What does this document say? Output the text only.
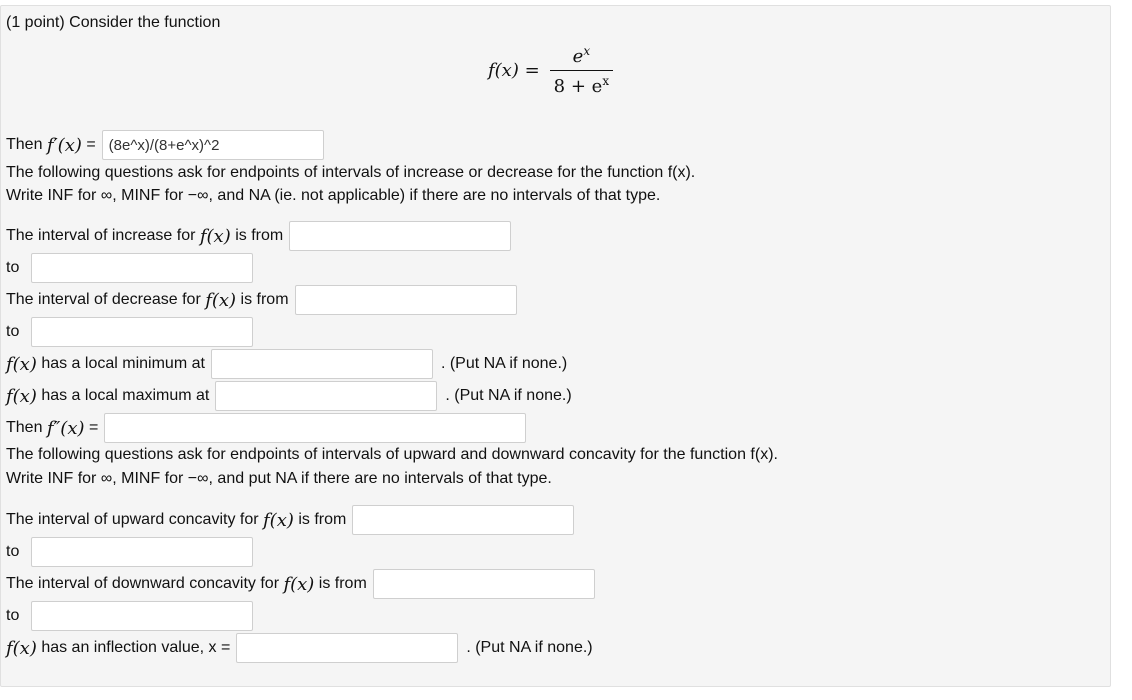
(1 point) Consider the function
$f(x) = \frac{e^x}{8 + e^x}$
Then
f′(x)
=
(8e^x)/(8+e^x)^2
The following questions ask for endpoints of intervals of increase or decrease for the function f(x).
Write INF for ∞, MINF for −∞, and NA (ie. not applicable) if there are no intervals of that type.
The interval of increase for
f(x)
is from
to
The interval of decrease for
f(x)
is from
to
f(x)
has a local minimum at	. (Put NA if none.)
f(x)
has a local maximum at	. (Put NA if none.)
Then
f″(x)
=
The following questions ask for endpoints of intervals of upward and downward concavity for the function f(x).
Write INF for ∞, MINF for −∞, and put NA if there are no intervals of that type.
The interval of upward concavity for
f(x)
is from
to
The interval of downward concavity for
f(x)
is from
to
f(x)
has an inflection value, x =	. (Put NA if none.)
